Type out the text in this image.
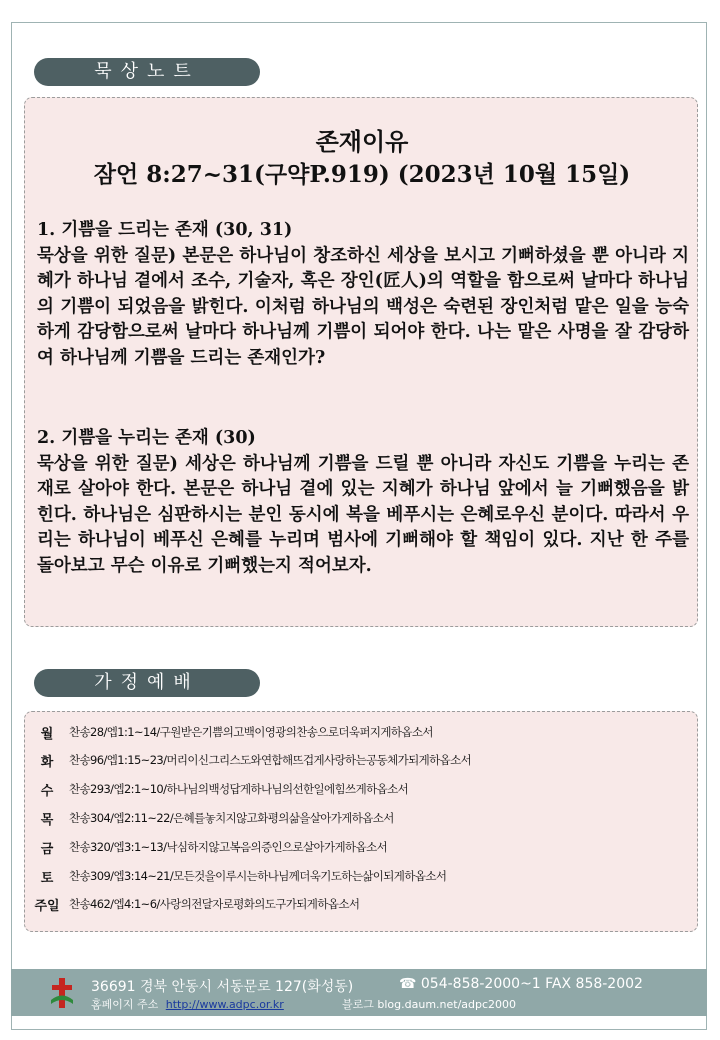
묵상노트
존재이유
잠언 8:27~31(구약P.919) (2023년 10월 15일)
1. 기쁨을 드리는 존재 (30, 31)
묵상을 위한 질문) 본문은 하나님이 창조하신 세상을 보시고 기뻐하셨을 뿐 아니라 지혜가 하나님 곁에서 조수, 기술자, 혹은 장인(匠人)의 역할을 함으로써 날마다 하나님의 기쁨이 되었음을 밝힌다. 이처럼 하나님의 백성은 숙련된 장인처럼 맡은 일을 능숙하게 감당함으로써 날마다 하나님께 기쁨이 되어야 한다. 나는 맡은 사명을 잘 감당하여 하나님께 기쁨을 드리는 존재인가?
2. 기쁨을 누리는 존재 (30)
묵상을 위한 질문) 세상은 하나님께 기쁨을 드릴 뿐 아니라 자신도 기쁨을 누리는 존재로 살아야 한다. 본문은 하나님 곁에 있는 지혜가 하나님 앞에서 늘 기뻐했음을 밝힌다. 하나님은 심판하시는 분인 동시에 복을 베푸시는 은혜로우신 분이다. 따라서 우리는 하나님이 베푸신 은혜를 누리며 범사에 기뻐해야 할 책임이 있다. 지난 한 주를 돌아보고 무슨 이유로 기뻐했는지 적어보자.
가정예배
월	찬송28/엡1:1~14/구원받은기쁨의고백이영광의찬송으로더욱퍼지게하옵소서
화	찬송96/엡1:15~23/머리이신그리스도와연합해뜨겁게사랑하는공동체가되게하옵소서
수	찬송293/엡2:1~10/하나님의백성답게하나님의선한일에힘쓰게하옵소서
목	찬송304/엡2:11~22/은혜를놓치지않고화평의삶을살아가게하옵소서
금	찬송320/엡3:1~13/낙심하지않고복음의증인으로살아가게하옵소서
토	찬송309/엡3:14~21/모든것을이루시는하나님께더욱기도하는삶이되게하옵소서
주일 찬송462/엡4:1~6/사랑의전달자로평화의도구가되게하옵소서
36691 경북 안동시 서동문로 127(화성동)	☎ 054-858-2000~1 FAX 858-2002
홈페이지 주소 http://www.adpc.or.kr	블로그 blog.daum.net/adpc2000
